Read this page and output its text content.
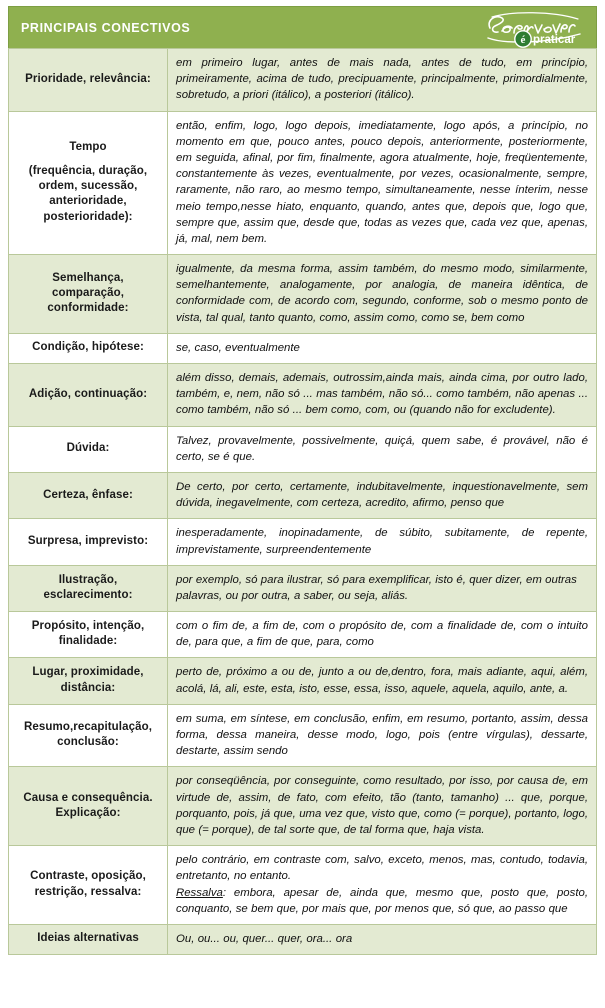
PRINCIPAIS CONECTIVOS
é praticar
Prioridade, relevância:	em primeiro lugar, antes de mais nada, antes de tudo, em princípio, primeiramente, acima de tudo, precipuamente, principalmente, primordialmente, sobretudo, a priori (itálico), a posteriori (itálico).

Tempo
(frequência, duração, ordem, sucessão, anterioridade, posterioridade):	então, enfim, logo, logo depois, imediatamente, logo após, a princípio, no momento em que, pouco antes, pouco depois, anteriormente, posteriormente, em seguida, afinal, por fim, finalmente, agora atualmente, hoje, freqüentemente, constantemente às vezes, eventualmente, por vezes, ocasionalmente, sempre, raramente, não raro, ao mesmo tempo, simultaneamente, nesse ínterim, nesse meio tempo,nesse hiato, enquanto, quando, antes que, depois que, logo que, sempre que, assim que, desde que, todas as vezes que, cada vez que, apenas, já, mal, nem bem.

Semelhança, comparação, conformidade:	igualmente, da mesma forma, assim também, do mesmo modo, similarmente, semelhantemente, analogamente, por analogia, de maneira idêntica, de conformidade com, de acordo com, segundo, conforme, sob o mesmo ponto de vista, tal qual, tanto quanto, como, assim como, como se, bem como

Condição, hipótese:	se, caso, eventualmente

Adição, continuação:	além disso, demais, ademais, outrossim,ainda mais, ainda cima, por outro lado, também, e, nem, não só ... mas também, não só... como também, não apenas ... como também, não só ... bem como, com, ou (quando não for excludente).

Dúvida:	Talvez, provavelmente, possivelmente, quiçá, quem sabe, é provável, não é certo, se é que.

Certeza, ênfase:	De certo, por certo, certamente, indubitavelmente, inquestionavelmente, sem dúvida, inegavelmente, com certeza, acredito, afirmo, penso que

Surpresa, imprevisto:	inesperadamente, inopinadamente, de súbito, subitamente, de repente, imprevistamente, surpreendentemente

Ilustração, esclarecimento:	por exemplo, só para ilustrar, só para exemplificar, isto é, quer dizer, em outras

palavras, ou por outra, a saber, ou seja, aliás.

Propósito, intenção, finalidade:	com o fim de, a fim de, com o propósito de, com a finalidade de, com o intuito de, para que, a fim de que, para, como

Lugar, proximidade, distância:	perto de, próximo a ou de, junto a ou de,dentro, fora, mais adiante, aqui, além, acolá, lá, ali, este, esta, isto, esse, essa, isso, aquele, aquela, aquilo, ante, a.

Resumo,recapitulação, conclusão:	em suma, em síntese, em conclusão, enfim, em resumo, portanto, assim, dessa forma, dessa maneira, desse modo, logo, pois (entre vírgulas), dessarte, destarte, assim sendo

Causa e consequência. Explicação:	por conseqüência, por conseguinte, como resultado, por isso, por causa de, em virtude de, assim, de fato, com efeito, tão (tanto, tamanho) ... que, porque, porquanto, pois, já que, uma vez que, visto que, como (= porque), portanto, logo, que (= porque), de tal sorte que, de tal forma que, haja vista.

Contraste, oposição, restrição, ressalva:	pelo contrário, em contraste com, salvo, exceto, menos, mas, contudo, todavia, entretanto, no entanto.

Ressalva: embora, apesar de, ainda que, mesmo que, posto que, posto, conquanto, se bem que, por mais que, por menos que, só que, ao passo que

Ideias alternativas	Ou, ou... ou, quer... quer, ora... ora
